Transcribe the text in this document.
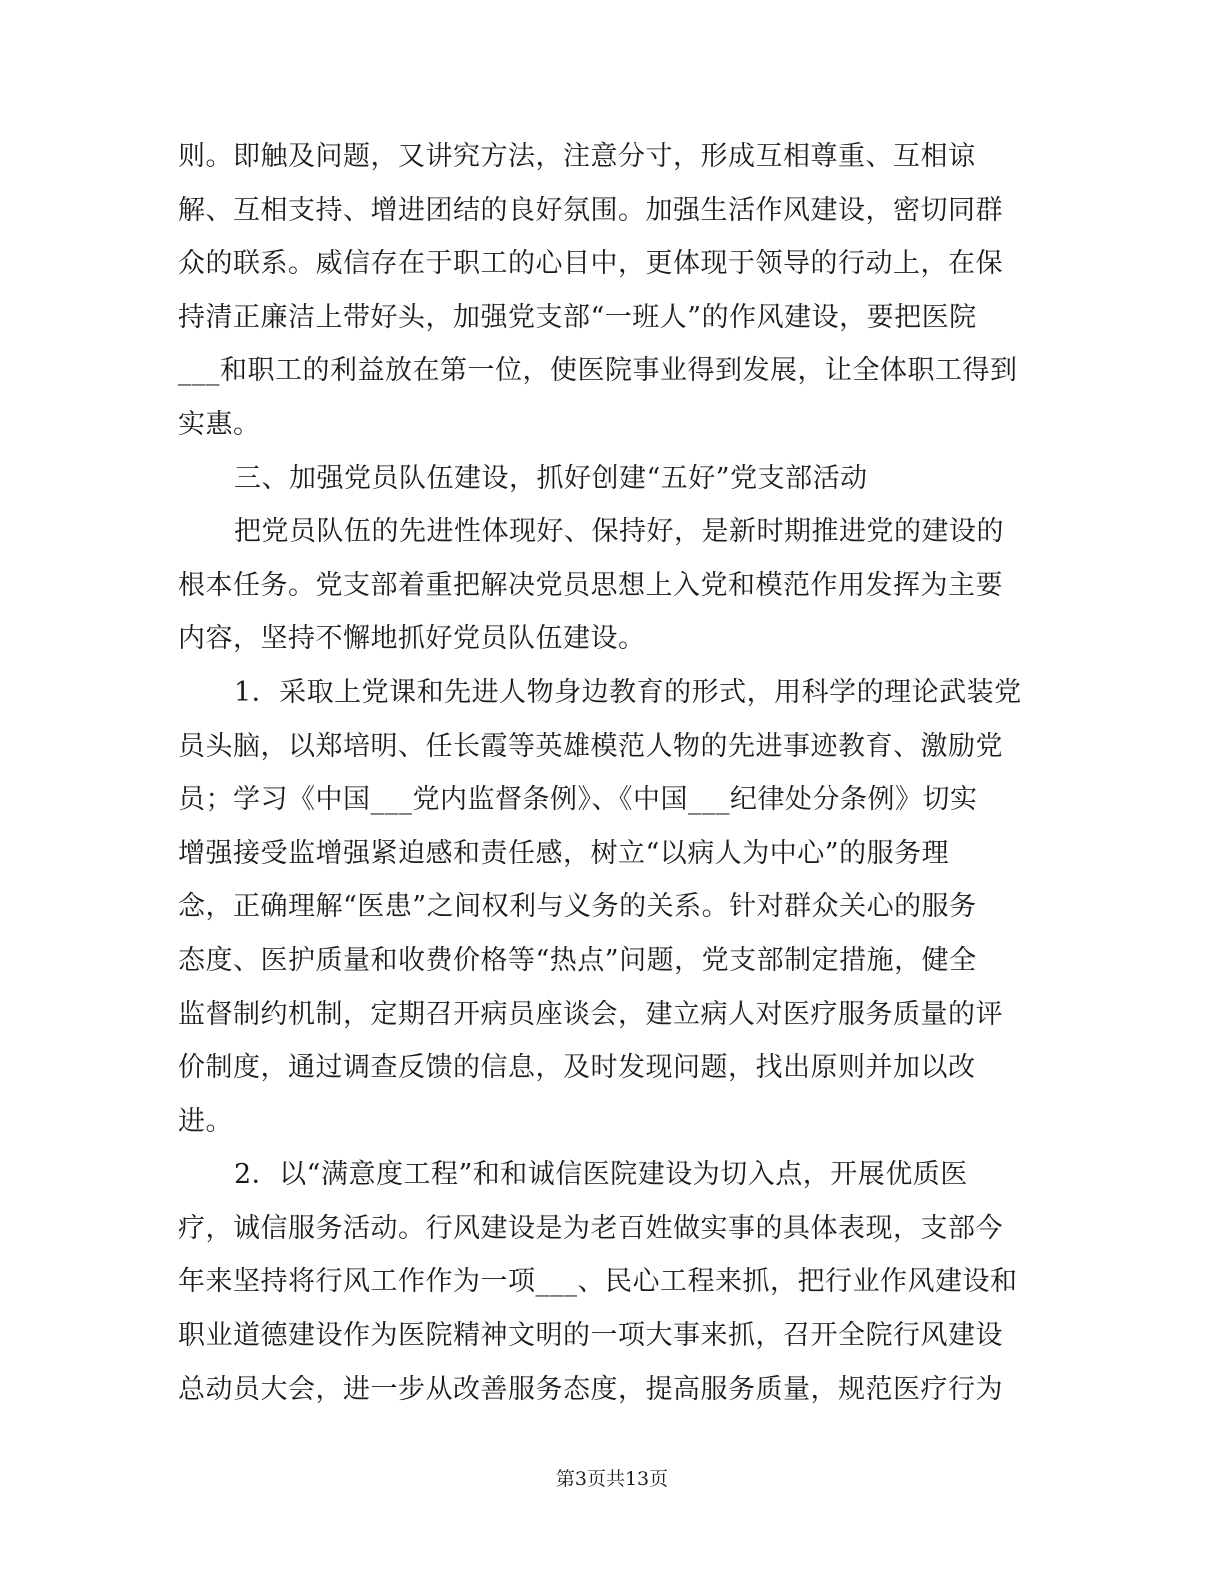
则。即触及问题，又讲究方法，注意分寸，形成互相尊重、互相谅
解、互相支持、增进团结的良好氛围。加强生活作风建设，密切同群
众的联系。威信存在于职工的心目中，更体现于领导的行动上，在保
持清正廉洁上带好头，加强党支部“一班人”的作风建设，要把医院
___和职工的利益放在第一位，使医院事业得到发展，让全体职工得到
实惠。
三、加强党员队伍建设，抓好创建“五好”党支部活动
把党员队伍的先进性体现好、保持好，是新时期推进党的建设的
根本任务。党支部着重把解决党员思想上入党和模范作用发挥为主要
内容，坚持不懈地抓好党员队伍建设。
1．采取上党课和先进人物身边教育的形式，用科学的理论武装党
员头脑，以郑培明、任长霞等英雄模范人物的先进事迹教育、激励党
员；学习《中国___党内监督条例》、《中国___纪律处分条例》切实
增强接受监增强紧迫感和责任感，树立“以病人为中心”的服务理
念，正确理解“医患”之间权利与义务的关系。针对群众关心的服务
态度、医护质量和收费价格等“热点”问题，党支部制定措施，健全
监督制约机制，定期召开病员座谈会，建立病人对医疗服务质量的评
价制度，通过调查反馈的信息，及时发现问题，找出原则并加以改
进。
2．以“满意度工程”和和诚信医院建设为切入点，开展优质医
疗，诚信服务活动。行风建设是为老百姓做实事的具体表现，支部今
年来坚持将行风工作作为一项___、民心工程来抓，把行业作风建设和
职业道德建设作为医院精神文明的一项大事来抓，召开全院行风建设
总动员大会，进一步从改善服务态度，提高服务质量，规范医疗行为
第3页共13页
